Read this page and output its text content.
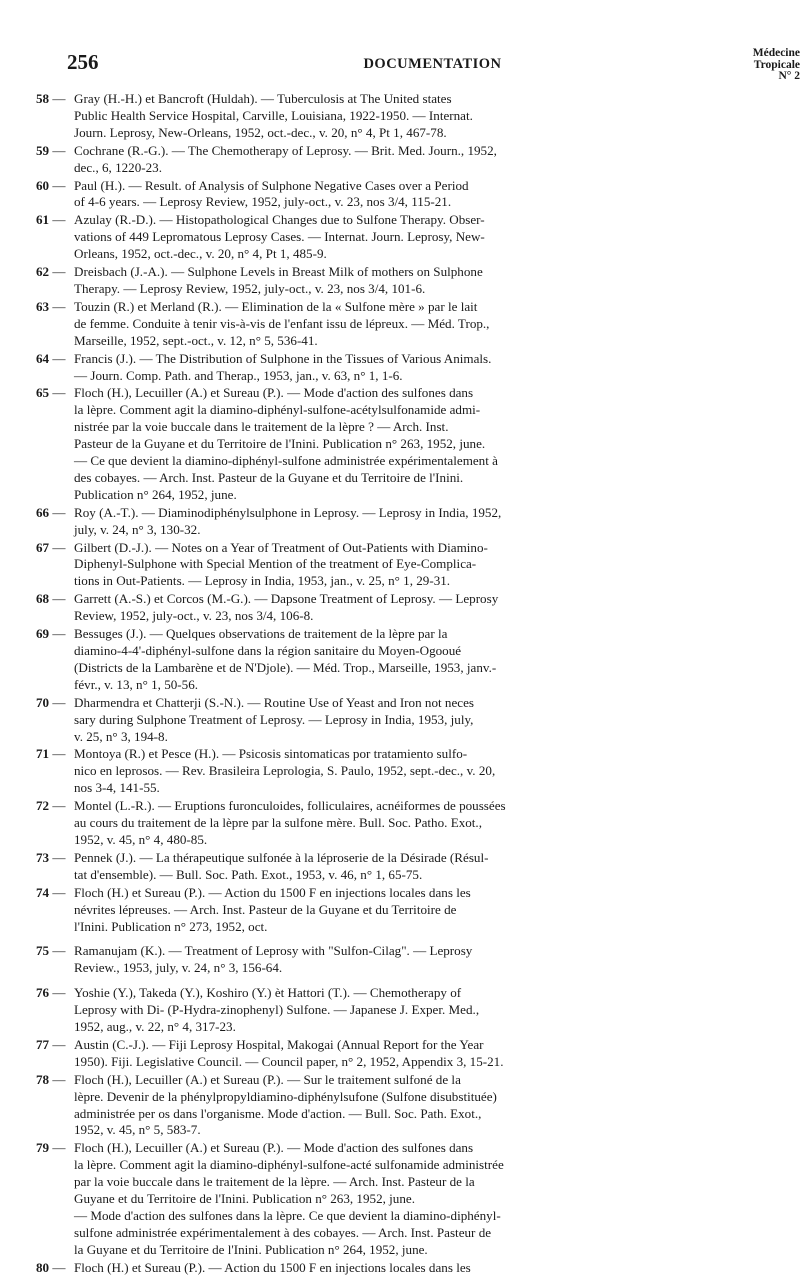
256	DOCUMENTATION
Médecine
Tropicale
N° 2
58 — Gray (H.-H.) et Bancroft (Huldah). — Tuberculosis at The United states
Public Health Service Hospital, Carville, Louisiana, 1922-1950. — Internat.
Journ. Leprosy, New-Orleans, 1952, oct.-dec., v. 20, n° 4, Pt 1, 467-78.
59 — Cochrane (R.-G.). — The Chemotherapy of Leprosy. — Brit. Med. Journ., 1952,
dec., 6, 1220-23.
60 — Paul (H.). — Result. of Analysis of Sulphone Negative Cases over a Period
of 4-6 years. — Leprosy Review, 1952, july-oct., v. 23, nos 3/4, 115-21.
61 — Azulay (R.-D.). — Histopathological Changes due to Sulfone Therapy. Obser-
vations of 449 Lepromatous Leprosy Cases. — Internat. Journ. Leprosy, New-
Orleans, 1952, oct.-dec., v. 20, n° 4, Pt 1, 485-9.
62 — Dreisbach (J.-A.). — Sulphone Levels in Breast Milk of mothers on Sulphone
Therapy. — Leprosy Review, 1952, july-oct., v. 23, nos 3/4, 101-6.
63 — Touzin (R.) et Merland (R.). — Elimination de la « Sulfone mère » par le lait
de femme. Conduite à tenir vis-à-vis de l'enfant issu de lépreux. — Méd. Trop.,
Marseille, 1952, sept.-oct., v. 12, n° 5, 536-41.
64 — Francis (J.). — The Distribution of Sulphone in the Tissues of Various Animals.
— Journ. Comp. Path. and Therap., 1953, jan., v. 63, n° 1, 1-6.
65 — Floch (H.), Lecuiller (A.) et Sureau (P.). — Mode d'action des sulfones dans
la lèpre. Comment agit la diamino-diphényl-sulfone-acétylsulfonamide admi-
nistrée par la voie buccale dans le traitement de la lèpre ? — Arch. Inst.
Pasteur de la Guyane et du Territoire de l'Inini. Publication n° 263, 1952, june.
— Ce que devient la diamino-diphényl-sulfone administrée expérimentalement à
des cobayes. — Arch. Inst. Pasteur de la Guyane et du Territoire de l'Inini.
Publication n° 264, 1952, june.
66 — Roy (A.-T.). — Diaminodiphénylsulphone in Leprosy. — Leprosy in India, 1952,
july, v. 24, n° 3, 130-32.
67 — Gilbert (D.-J.). — Notes on a Year of Treatment of Out-Patients with Diamino-
Diphenyl-Sulphone with Special Mention of the treatment of Eye-Complica-
tions in Out-Patients. — Leprosy in India, 1953, jan., v. 25, n° 1, 29-31.
68 — Garrett (A.-S.) et Corcos (M.-G.). — Dapsone Treatment of Leprosy. — Leprosy
Review, 1952, july-oct., v. 23, nos 3/4, 106-8.
69 — Bessuges (J.). — Quelques observations de traitement de la lèpre par la
diamino-4-4'-diphényl-sulfone dans la région sanitaire du Moyen-Ogooué
(Districts de la Lambarène et de N'Djole). — Méd. Trop., Marseille, 1953, janv.-
févr., v. 13, n° 1, 50-56.
70 — Dharmendra et Chatterji (S.-N.). — Routine Use of Yeast and Iron not neces
sary during Sulphone Treatment of Leprosy. — Leprosy in India, 1953, july,
v. 25, n° 3, 194-8.
71 — Montoya (R.) et Pesce (H.). — Psicosis sintomaticas por tratamiento sulfo-
nico en leprosos. — Rev. Brasileira Leprologia, S. Paulo, 1952, sept.-dec., v. 20,
nos 3-4, 141-55.
72 — Montel (L.-R.). — Eruptions furonculoides, folliculaires, acnéiformes de poussées
au cours du traitement de la lèpre par la sulfone mère. Bull. Soc. Patho. Exot.,
1952, v. 45, n° 4, 480-85.
73 — Pennek (J.). — La thérapeutique sulfonée à la léproserie de la Désirade (Résul-
tat d'ensemble). — Bull. Soc. Path. Exot., 1953, v. 46, n° 1, 65-75.
74 — Floch (H.) et Sureau (P.). — Action du 1500 F en injections locales dans les
névrites lépreuses. — Arch. Inst. Pasteur de la Guyane et du Territoire de
l'Inini. Publication n° 273, 1952, oct.
75 — Ramanujam (K.). — Treatment of Leprosy with "Sulfon-Cilag". — Leprosy
Review., 1953, july, v. 24, n° 3, 156-64.
76 — Yoshie (Y.), Takeda (Y.), Koshiro (Y.) èt Hattori (T.). — Chemotherapy of
Leprosy with Di- (P-Hydra-zinophenyl) Sulfone. — Japanese J. Exper. Med.,
1952, aug., v. 22, n° 4, 317-23.
77 — Austin (C.-J.). — Fiji Leprosy Hospital, Makogai (Annual Report for the Year
1950). Fiji. Legislative Council. — Council paper, n° 2, 1952, Appendix 3, 15-21.
78 — Floch (H.), Lecuiller (A.) et Sureau (P.). — Sur le traitement sulfoné de la
lèpre. Devenir de la phénylpropyldiamino-diphénylsufone (Sulfone disubstituée)
administrée per os dans l'organisme. Mode d'action. — Bull. Soc. Path. Exot.,
1952, v. 45, n° 5, 583-7.
79 — Floch (H.), Lecuiller (A.) et Sureau (P.). — Mode d'action des sulfones dans
la lèpre. Comment agit la diamino-diphényl-sulfone-acté sulfonamide administrée
par la voie buccale dans le traitement de la lèpre. — Arch. Inst. Pasteur de la
Guyane et du Territoire de l'Inini. Publication n° 263, 1952, june.
— Mode d'action des sulfones dans la lèpre. Ce que devient la diamino-diphényl-
sulfone administrée expérimentalement à des cobayes. — Arch. Inst. Pasteur de
la Guyane et du Territoire de l'Inini. Publication n° 264, 1952, june.
80 — Floch (H.) et Sureau (P.). — Action du 1500 F en injections locales dans les
